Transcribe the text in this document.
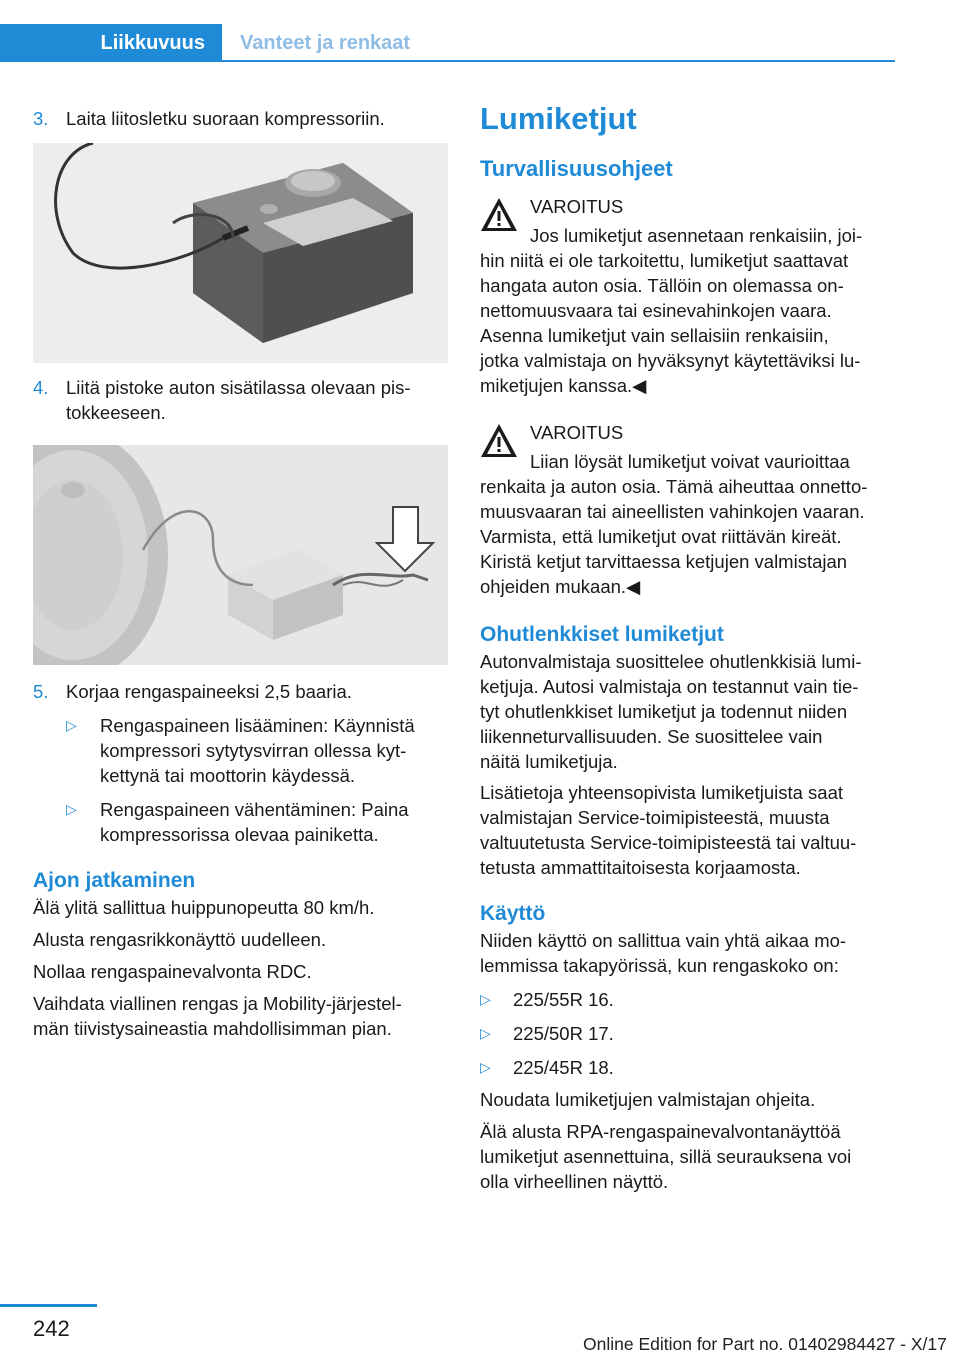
Liikkuvuus Vanteet ja renkaat
3. Laita liitosletku suoraan kompressoriin.
4. Liitä pistoke auton sisätilassa olevaan pis‐
tokkeeseen.
5. Korjaa rengaspaineeksi 2,5 baaria.
▷ Rengaspaineen lisääminen: Käynnistä
kompressori sytytysvirran ollessa kyt‐
kettynä tai moottorin käydessä.
▷ Rengaspaineen vähentäminen: Paina
kompressorissa olevaa painiketta.
Ajon jatkaminen
Älä ylitä sallittua huippunopeutta 80 km/h.
Alusta rengasrikkonäyttö uudelleen.
Nollaa rengaspainevalvonta RDC.
Vaihdata viallinen rengas ja Mobility-järjestel‐
män tiivistysaineastia mahdollisimman pian.
Lumiketjut
Turvallisuusohjeet
VAROITUS
Jos lumiketjut asennetaan renkaisiin, joi‐
hin niitä ei ole tarkoitettu, lumiketjut saattavat
hangata auton osia. Tällöin on olemassa on‐
nettomuusvaara tai esinevahinkojen vaara.
Asenna lumiketjut vain sellaisiin renkaisiin,
jotka valmistaja on hyväksynyt käytettäviksi lu‐
miketjujen kanssa.◀
VAROITUS
Liian löysät lumiketjut voivat vaurioittaa
renkaita ja auton osia. Tämä aiheuttaa onnetto‐
muusvaaran tai aineellisten vahinkojen vaaran.
Varmista, että lumiketjut ovat riittävän kireät.
Kiristä ketjut tarvittaessa ketjujen valmistajan
ohjeiden mukaan.◀
Ohutlenkkiset lumiketjut
Autonvalmistaja suosittelee ohutlenkkisiä lumi‐
ketjuja. Autosi valmistaja on testannut vain tie‐
tyt ohutlenkkiset lumiketjut ja todennut niiden
liikenneturvallisuuden. Se suosittelee vain
näitä lumiketjuja.
Lisätietoja yhteensopivista lumiketjuista saat
valmistajan Service-toimipisteestä, muusta
valtuutetusta Service-toimipisteestä tai valtuu‐
tetusta ammattitaitoisesta korjaamosta.
Käyttö
Niiden käyttö on sallittua vain yhtä aikaa mo‐
lemmissa takapyörissä, kun rengaskoko on:
▷ 225/55R 16.
▷ 225/50R 17.
▷ 225/45R 18.
Noudata lumiketjujen valmistajan ohjeita.
Älä alusta RPA-rengaspainevalvontanäyttöä
lumiketjut asennettuina, sillä seurauksena voi
olla virheellinen näyttö.
242
Online Edition for Part no. 01402984427 - X/17
